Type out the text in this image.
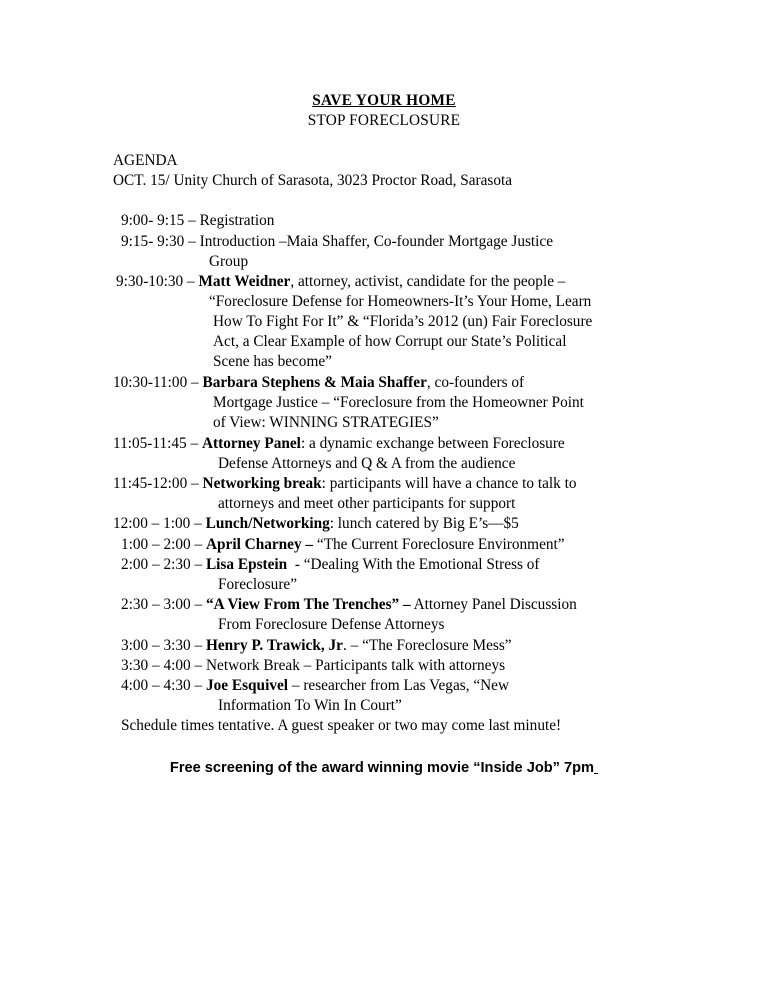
SAVE YOUR HOME
STOP FORECLOSURE
AGENDA
OCT. 15/ Unity Church of Sarasota, 3023 Proctor Road, Sarasota
9:00- 9:15 – Registration
9:15- 9:30 – Introduction –Maia Shaffer, Co-founder Mortgage Justice
Group
9:30-10:30 – Matt Weidner, attorney, activist, candidate for the people –
“Foreclosure Defense for Homeowners-It’s Your Home, Learn
How To Fight For It” & “Florida’s 2012 (un) Fair Foreclosure
Act, a Clear Example of how Corrupt our State’s Political
Scene has become”
10:30-11:00 – Barbara Stephens & Maia Shaffer, co-founders of
Mortgage Justice – “Foreclosure from the Homeowner Point
of View: WINNING STRATEGIES”
11:05-11:45 – Attorney Panel: a dynamic exchange between Foreclosure
Defense Attorneys and Q & A from the audience
11:45-12:00 – Networking break: participants will have a chance to talk to
attorneys and meet other participants for support
12:00 – 1:00 – Lunch/Networking: lunch catered by Big E’s—$5
1:00 – 2:00 – April Charney – “The Current Foreclosure Environment”
2:00 – 2:30 – Lisa Epstein  - “Dealing With the Emotional Stress of
Foreclosure”
2:30 – 3:00 – “A View From The Trenches” – Attorney Panel Discussion
From Foreclosure Defense Attorneys
3:00 – 3:30 – Henry P. Trawick, Jr. – “The Foreclosure Mess”
3:30 – 4:00 – Network Break – Participants talk with attorneys
4:00 – 4:30 – Joe Esquivel – researcher from Las Vegas, “New
Information To Win In Court”
Schedule times tentative. A guest speaker or two may come last minute!
Free screening of the award winning movie “Inside Job” 7pm
